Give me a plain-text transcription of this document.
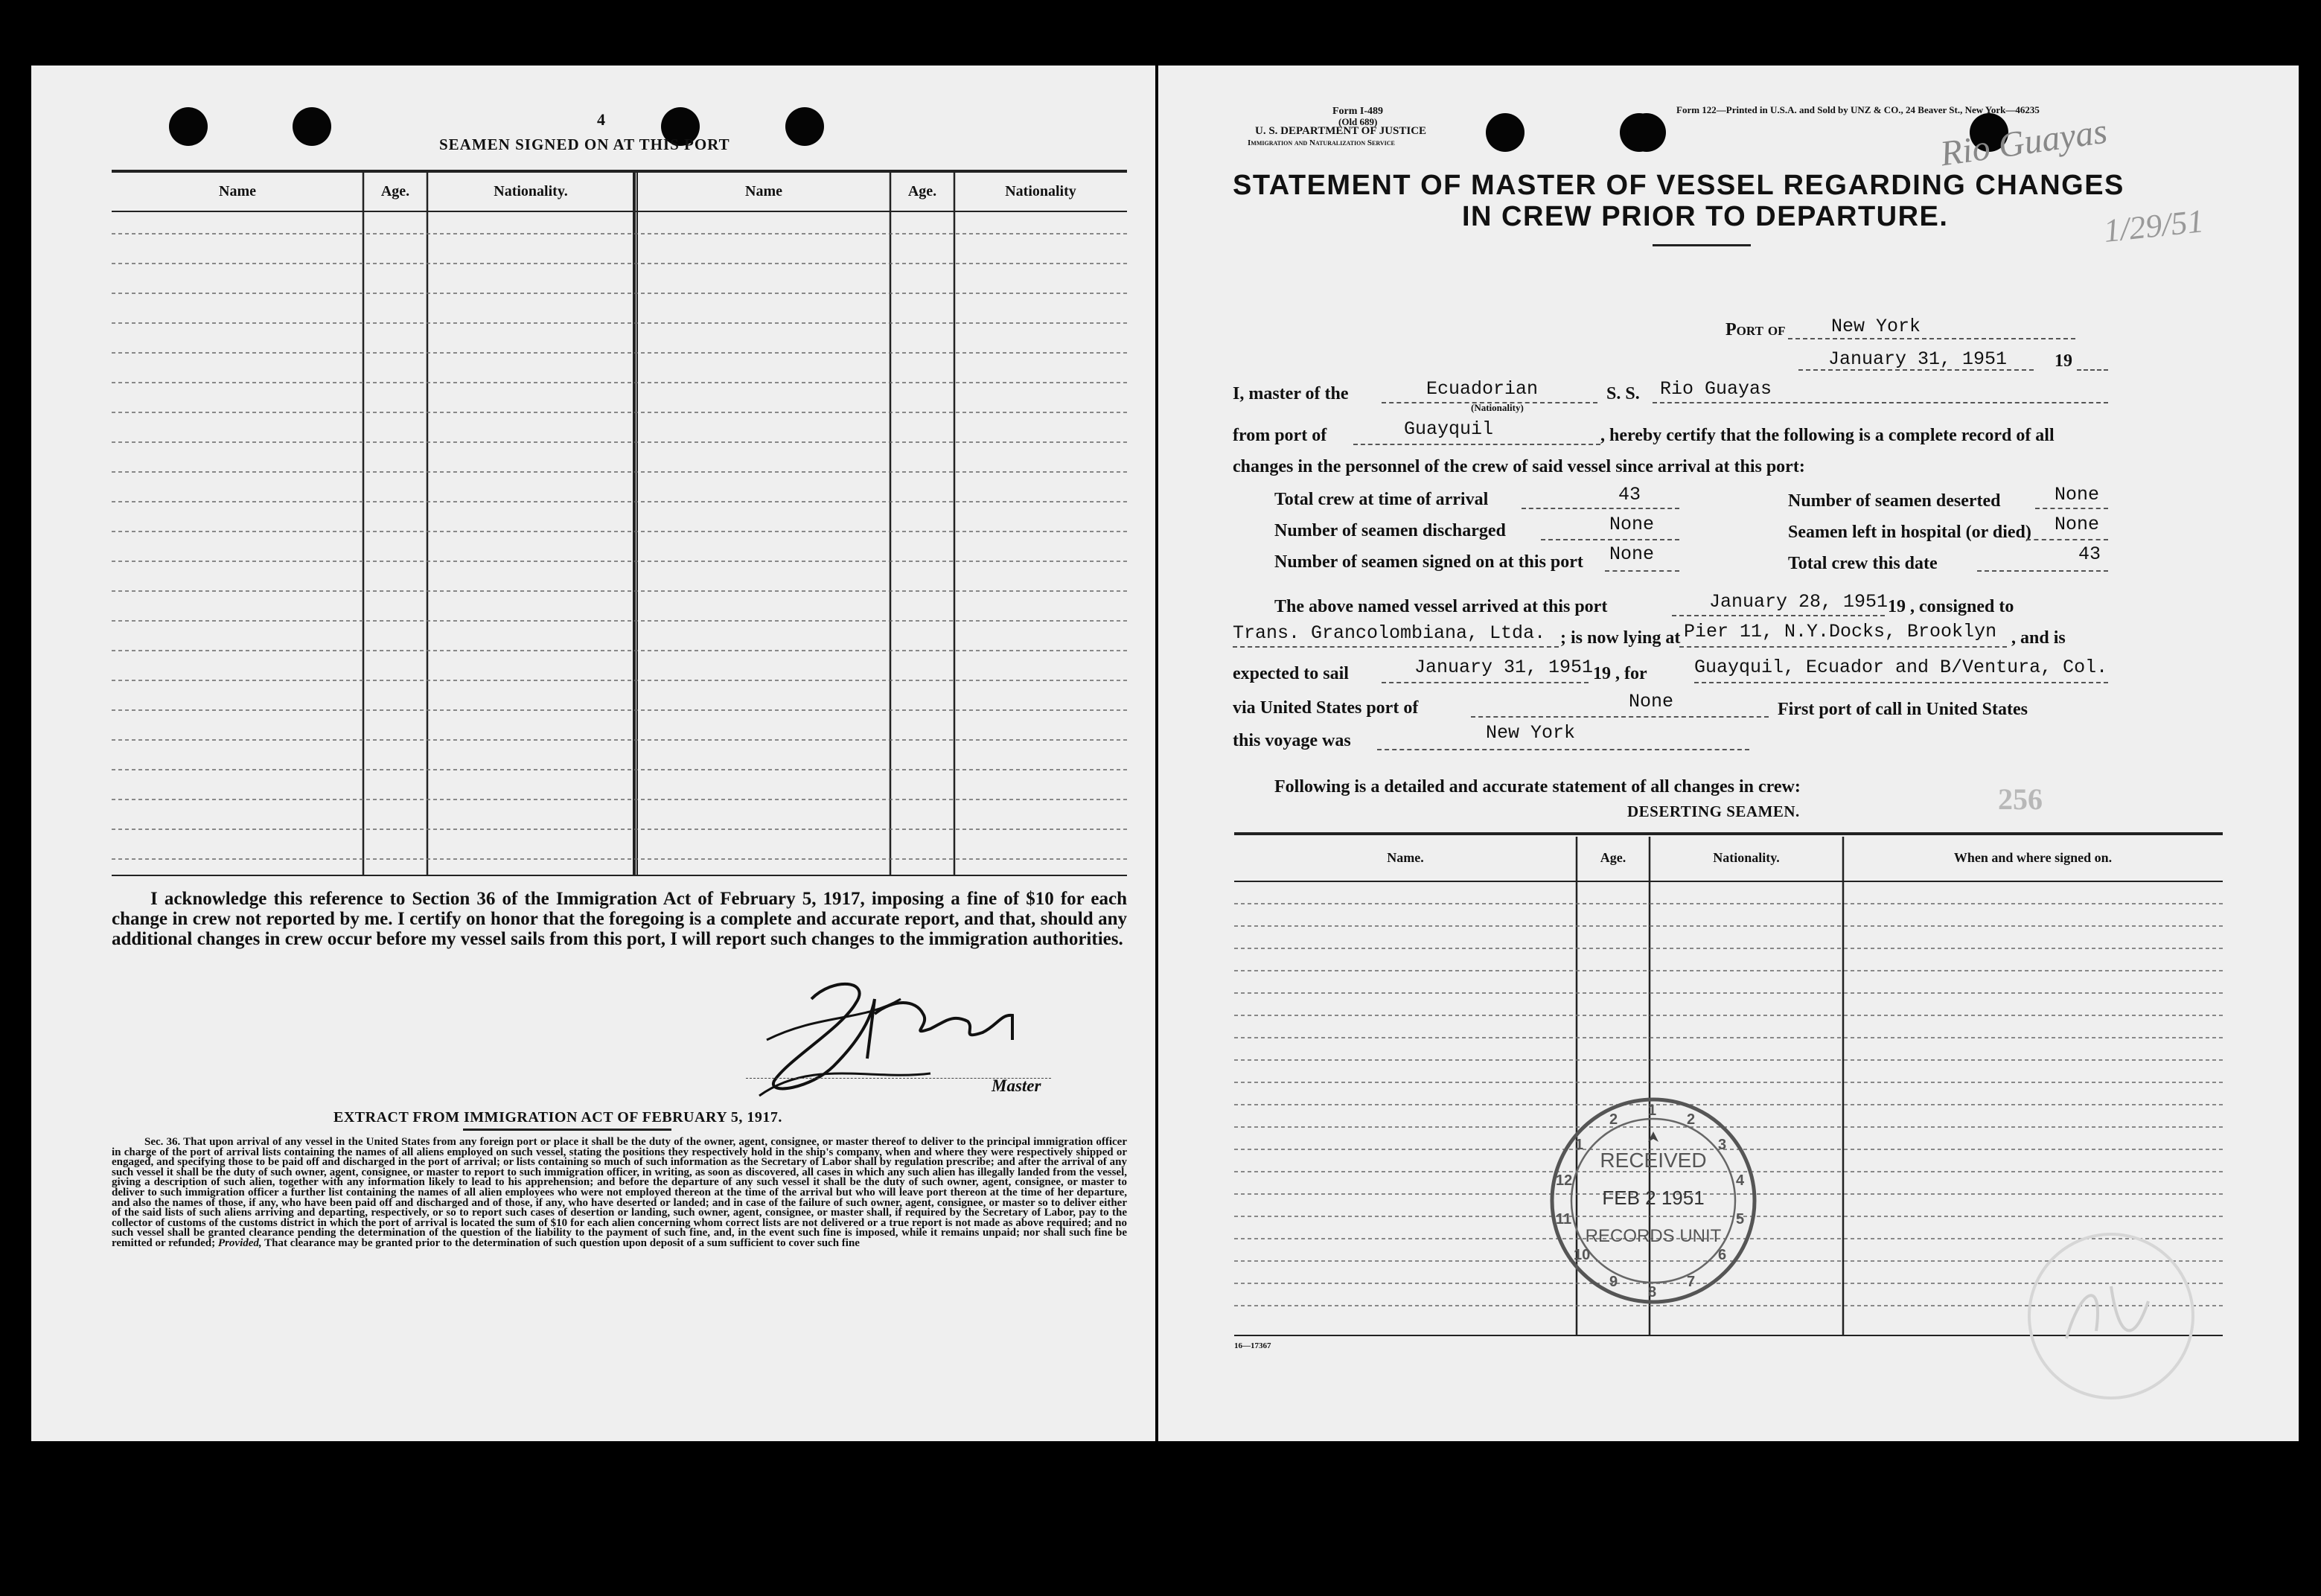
4
SEAMEN SIGNED ON AT THIS PORT
Name	Age.	Nationality.	Name	Age.	Nationality
I acknowledge this reference to Section 36 of the Immigration Act of February 5, 1917, imposing a fine of $10 for each change in crew not reported by me. I certify on honor that the foregoing is a complete and accurate report, and that, should any additional changes in crew occur before my vessel sails from this port, I will report such changes to the immigration authorities.
F. Guevara
Master
EXTRACT FROM IMMIGRATION ACT OF FEBRUARY 5, 1917.
Sec. 36. That upon arrival of any vessel in the United States from any foreign port or place it shall be the duty of the owner, agent, consignee, or master thereof to deliver to the principal immigration officer in charge of the port of arrival lists containing the names of all aliens employed on such vessel, stating the positions they respectively hold in the ship's company, when and where they were respectively shipped or engaged, and specifying those to be paid off and discharged in the port of arrival; or lists containing so much of such information as the Secretary of Labor shall by regulation prescribe; and after the arrival of any such vessel it shall be the duty of such owner, agent, consignee, or master to report to such immigration officer, in writing, as soon as discovered, all cases in which any such alien has illegally landed from the vessel, giving a description of such alien, together with any information likely to lead to his apprehension; and before the departure of any such vessel it shall be the duty of such owner, agent, consignee, or master to deliver to such immigration officer a further list containing the names of all alien employees who were not employed thereon at the time of the arrival but who will leave port thereon at the time of her departure, and also the names of those, if any, who have been paid off and discharged and of those, if any, who have deserted or landed; and in case of the failure of such owner, agent, consignee, or master so to deliver either of the said lists of such aliens arriving and departing, respectively, or so to report such cases of desertion or landing, such owner, agent, consignee, or master shall, if required by the Secretary of Labor, pay to the collector of customs of the customs district in which the port of arrival is located the sum of $10 for each alien concerning whom correct lists are not delivered or a true report is not made as above required; and no such vessel shall be granted clearance pending the determination of the question of the liability to the payment of such fine, and, in the event such fine is imposed, while it remains unpaid; nor shall such fine be remitted or refunded; Provided, That clearance may be granted prior to the determination of such question upon deposit of a sum sufficient to cover such fine
Form I-489
(Old 689)
U. S. DEPARTMENT OF JUSTICE
Immigration and Naturalization Service
Form 122—Printed in U.S.A. and Sold by UNZ & CO., 24 Beaver St., New York—46235
Rio Guayas
1/29/51
STATEMENT OF MASTER OF VESSEL REGARDING CHANGES
IN CREW PRIOR TO DEPARTURE.
Port of New York
January 31, 1951	19
I, master of the	Ecuadorian
(Nationality)
S. S. Rio Guayas
from port of	Guayquil	, hereby certify that the following is a complete record of all
changes in the personnel of the crew of said vessel since arrival at this port:
Total crew at time of arrival	43	Number of seamen deserted	None
Number of seamen discharged	None	Seamen left in hospital (or died) None
Number of seamen signed on at this port None	Total crew this date	43
The above named vessel arrived at this port	January 28, 1951 19 , consigned to
Trans. Grancolombiana, Ltda. ; is now lying at Pier 11, N.Y.Docks, Brooklyn , and is
expected to sail	January 31, 1951 19 , for	Guayquil, Ecuador and B/Ventura, Col.
via United States port of	None	First port of call in United States
this voyage was	New York
Following is a detailed and accurate statement of all changes in crew:	256
DESERTING SEAMEN.
Name.	Age.	Nationality.	When and where signed on.
1
2
3
4
5
6
7
8
9
10
11
12
1
2
RECEIVED
FEB 2 1951
RECORDS UNIT
16—17367
